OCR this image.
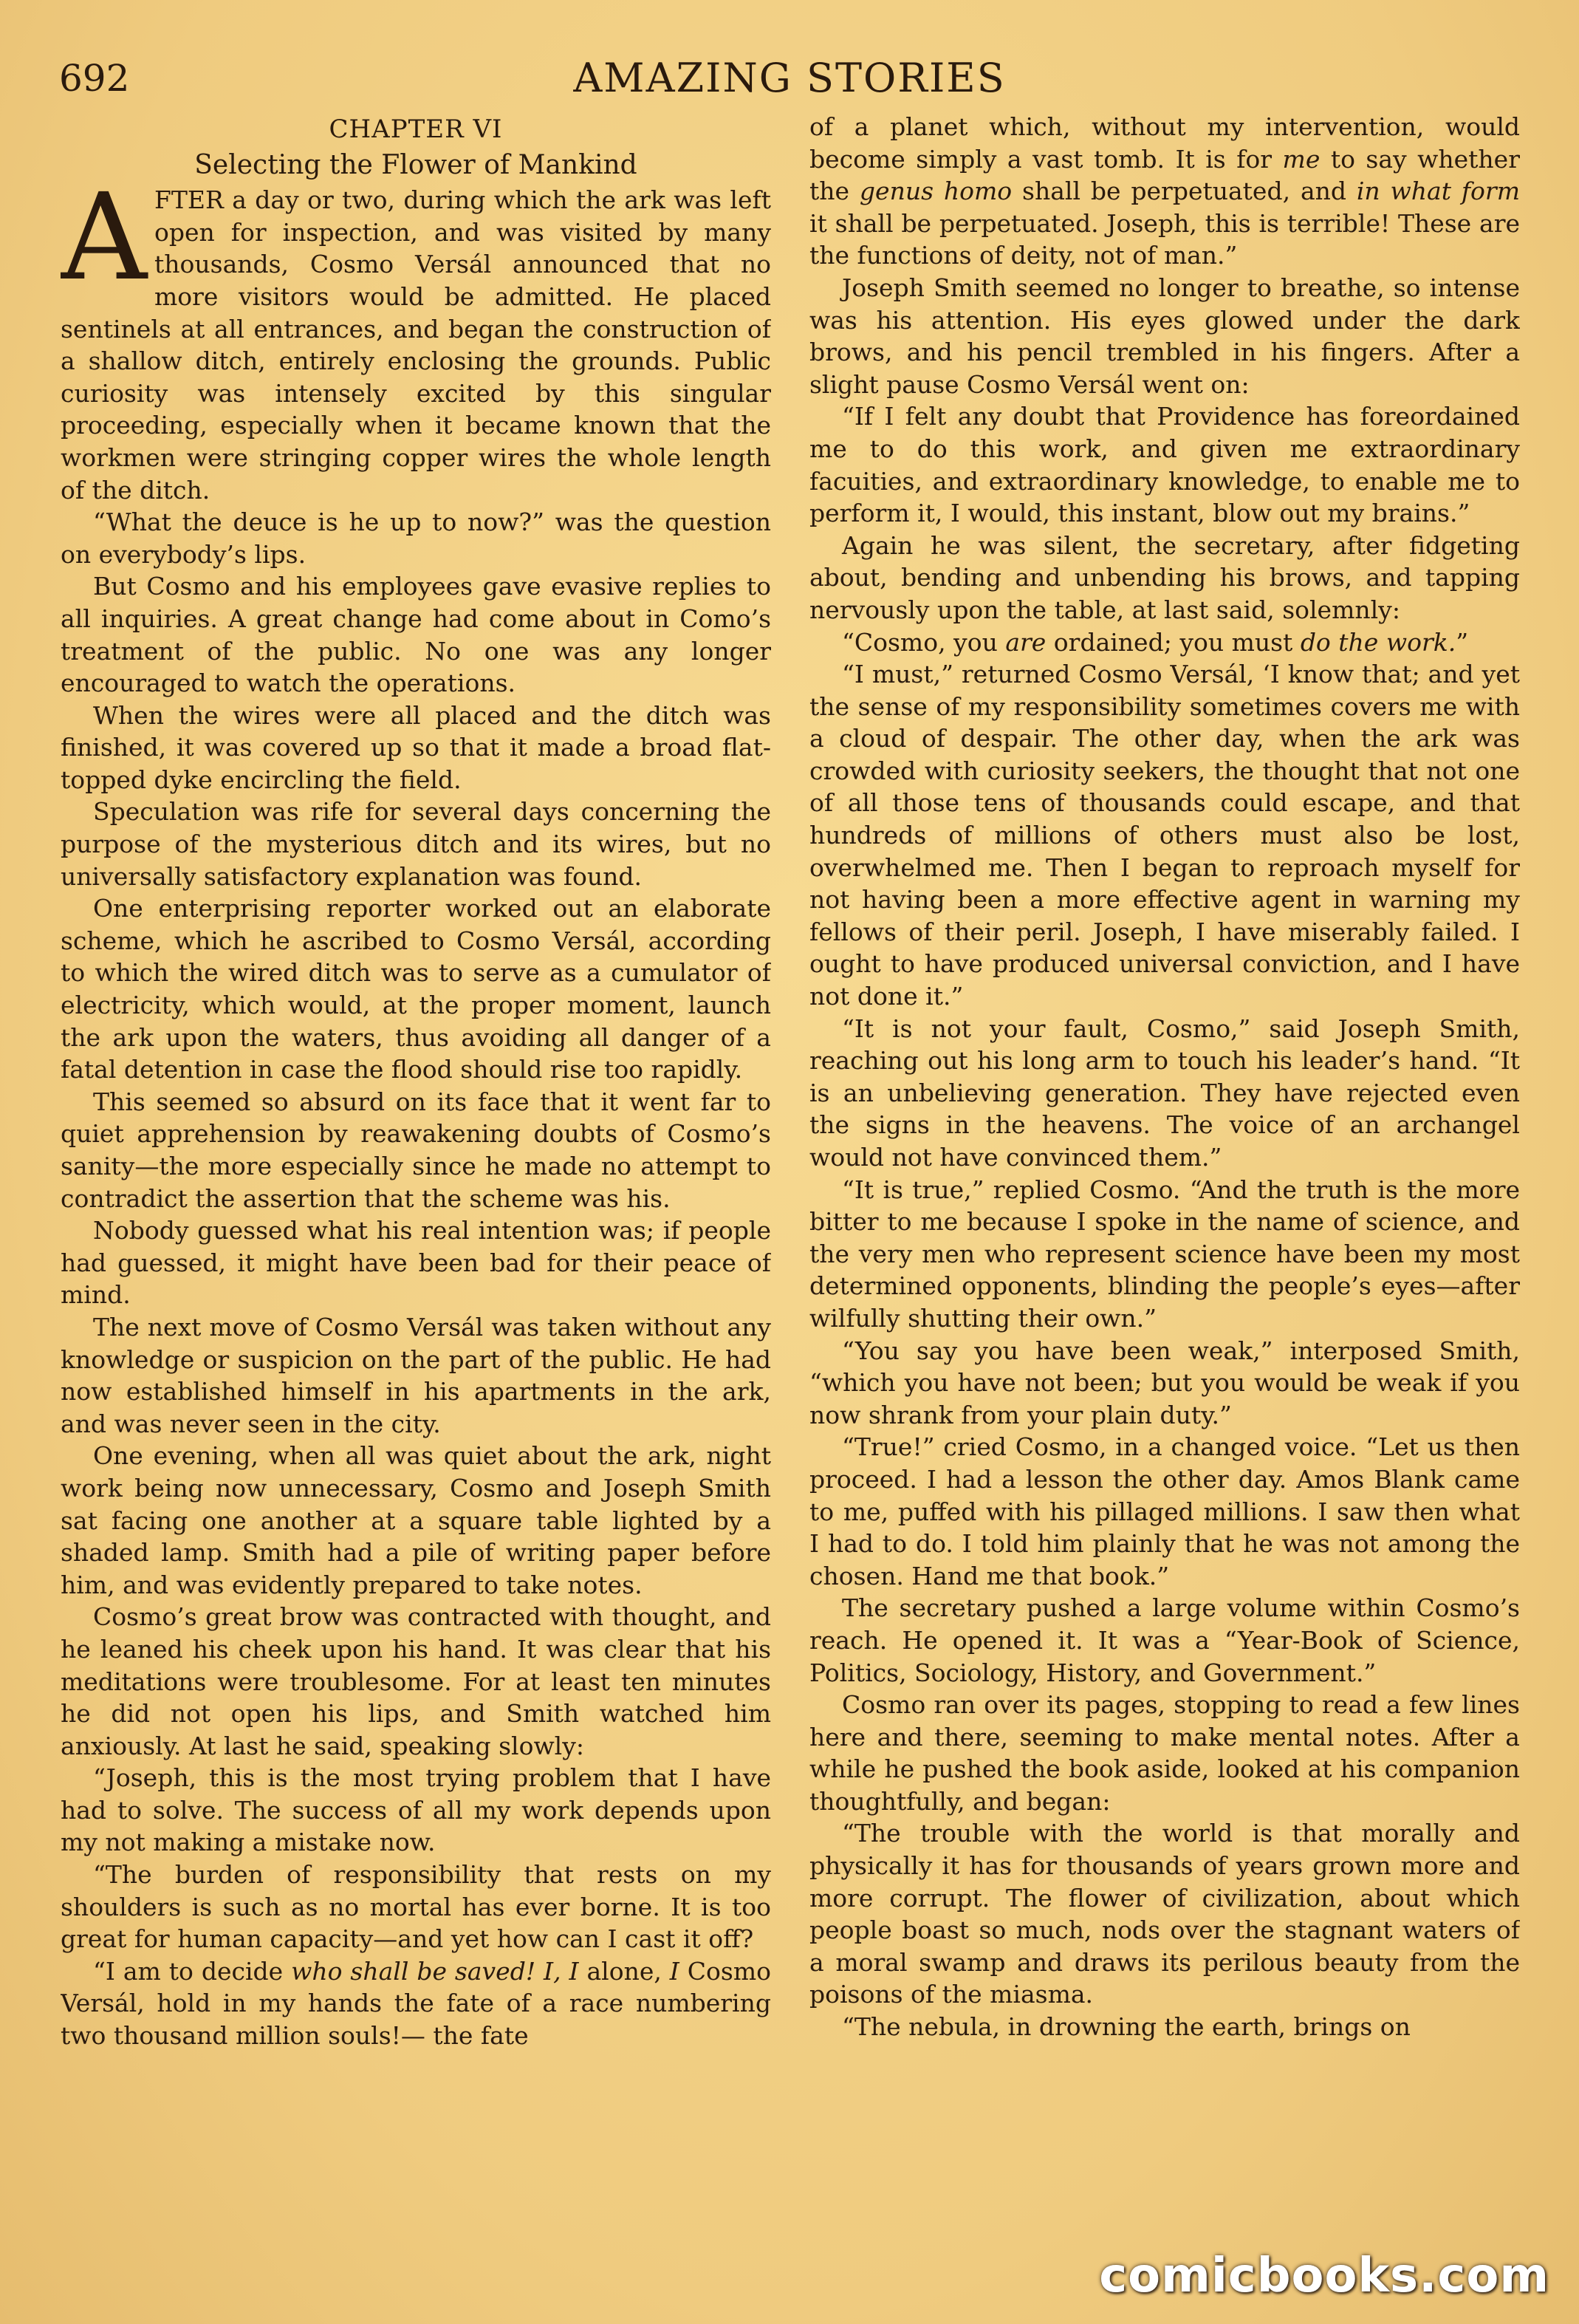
692	AMAZING STORIES
CHAPTER VI
Selecting the Flower of Mankind

AFTER a day or two, during which the ark was left open for inspection, and was visited by many thousands, Cosmo Versál announced that no more visitors would be admitted. He placed sentinels at all entrances, and began the construction of a shallow ditch, entirely enclosing the grounds. Public curiosity was intensely excited by this singular proceeding, especially when it became known that the workmen were stringing copper wires the whole length of the ditch.

“What the deuce is he up to now?” was the question on everybody’s lips.

But Cosmo and his employees gave evasive replies to all inquiries. A great change had come about in Como’s treatment of the public. No one was any longer encouraged to watch the operations.

When the wires were all placed and the ditch was finished, it was covered up so that it made a broad flat-topped dyke encircling the field.

Speculation was rife for several days concerning the purpose of the mysterious ditch and its wires, but no universally satisfactory explanation was found.

One enterprising reporter worked out an elaborate scheme, which he ascribed to Cosmo Versál, according to which the wired ditch was to serve as a cumulator of electricity, which would, at the proper moment, launch the ark upon the waters, thus avoiding all danger of a fatal detention in case the flood should rise too rapidly.

This seemed so absurd on its face that it went far to quiet apprehension by reawakening doubts of Cosmo’s sanity—the more especially since he made no attempt to contradict the assertion that the scheme was his.

Nobody guessed what his real intention was; if people had guessed, it might have been bad for their peace of mind.

The next move of Cosmo Versál was taken without any knowledge or suspicion on the part of the public. He had now established himself in his apartments in the ark, and was never seen in the city.

One evening, when all was quiet about the ark, night work being now unnecessary, Cosmo and Joseph Smith sat facing one another at a square table lighted by a shaded lamp. Smith had a pile of writing paper before him, and was evidently prepared to take notes.

Cosmo’s great brow was contracted with thought, and he leaned his cheek upon his hand. It was clear that his meditations were troublesome. For at least ten minutes he did not open his lips, and Smith watched him anxiously. At last he said, speaking slowly:

“Joseph, this is the most trying problem that I have had to solve. The success of all my work depends upon my not making a mistake now.

“The burden of responsibility that rests on my shoulders is such as no mortal has ever borne. It is too great for human capacity—and yet how can I cast it off?

“I am to decide who shall be saved! I, I alone, I Cosmo Versál, hold in my hands the fate of a race numbering two thousand million souls!— the fate

of a planet which, without my intervention, would become simply a vast tomb. It is for me to say whether the genus homo shall be perpetuated, and in what form it shall be perpetuated. Joseph, this is terrible! These are the functions of deity, not of man.”

Joseph Smith seemed no longer to breathe, so intense was his attention. His eyes glowed under the dark brows, and his pencil trembled in his fingers. After a slight pause Cosmo Versál went on:

“If I felt any doubt that Providence has foreordained me to do this work, and given me extraordinary facuities, and extraordinary knowledge, to enable me to perform it, I would, this instant, blow out my brains.”

Again he was silent, the secretary, after fidgeting about, bending and unbending his brows, and tapping nervously upon the table, at last said, solemnly:

“Cosmo, you are ordained; you must do the work.”

“I must,” returned Cosmo Versál, ‘I know that; and yet the sense of my responsibility sometimes covers me with a cloud of despair. The other day, when the ark was crowded with curiosity seekers, the thought that not one of all those tens of thousands could escape, and that hundreds of millions of others must also be lost, overwhelmed me. Then I began to reproach myself for not having been a more effective agent in warning my fellows of their peril. Joseph, I have miserably failed. I ought to have produced universal conviction, and I have not done it.”

“It is not your fault, Cosmo,” said Joseph Smith, reaching out his long arm to touch his leader’s hand. “It is an unbelieving generation. They have rejected even the signs in the heavens. The voice of an archangel would not have convinced them.”

“It is true,” replied Cosmo. “And the truth is the more bitter to me because I spoke in the name of science, and the very men who represent science have been my most determined opponents, blinding the people’s eyes—after wilfully shutting their own.”

“You say you have been weak,” interposed Smith, “which you have not been; but you would be weak if you now shrank from your plain duty.”

“True!” cried Cosmo, in a changed voice. “Let us then proceed. I had a lesson the other day. Amos Blank came to me, puffed with his pillaged millions. I saw then what I had to do. I told him plainly that he was not among the chosen. Hand me that book.”

The secretary pushed a large volume within Cosmo’s reach. He opened it. It was a “Year-Book of Science, Politics, Sociology, History, and Government.”

Cosmo ran over its pages, stopping to read a few lines here and there, seeming to make mental notes. After a while he pushed the book aside, looked at his companion thoughtfully, and began:

“The trouble with the world is that morally and physically it has for thousands of years grown more and more corrupt. The flower of civilization, about which people boast so much, nods over the stagnant waters of a moral swamp and draws its perilous beauty from the poisons of the miasma.

“The nebula, in drowning the earth, brings on

comicbooks.com
